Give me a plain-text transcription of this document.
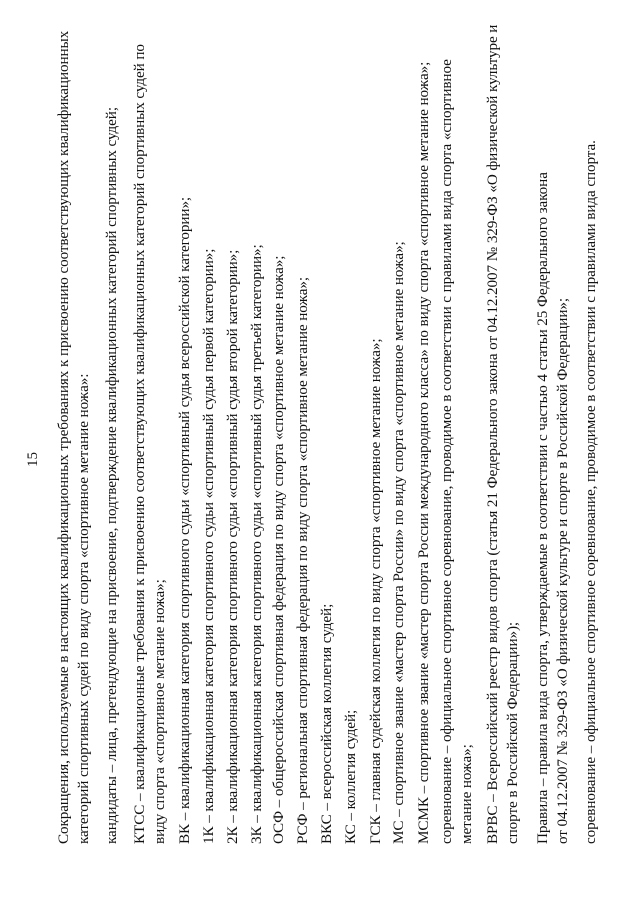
15 Сокращения, используемые в настоящих квалификационных требованиях к присвоению соответствующих квалификационных категорий спортивных судей по виду спорта «спортивное метание ножа»: кандидаты – лица, претендующие на присвоение, подтверждение квалификационных категорий спортивных судей; КТСС – квалификационные требования к присвоению соответствующих квалификационных категорий спортивных судей по виду спорта «спортивное метание ножа»; ВК – квалификационная категория спортивного судьи «спортивный судья всероссийской категории»; 1К – квалификационная категория спортивного судьи «спортивный судья первой категории»; 2К – квалификационная категория спортивного судьи «спортивный судья второй категории»; 3К – квалификационная категория спортивного судьи «спортивный судья третьей категории»; ОСФ – общероссийская спортивная федерация по виду спорта «спортивное метание ножа»; РСФ – региональная спортивная федерация по виду спорта «спортивное метание ножа»; ВКС – всероссийская коллегия судей; КС – коллегия судей; ГСК – главная судейская коллегия по виду спорта «спортивное метание ножа»; МС – спортивное звание «мастер спорта России» по виду спорта «спортивное метание ножа»; МСМК – спортивное звание «мастер спорта России международного класса» по виду спорта «спортивное метание ножа»; соревнование – официальное спортивное соревнование, проводимое в соответствии с правилами вида спорта «спортивное метание ножа»; ВРВС – Всероссийский реестр видов спорта (статья 21 Федерального закона от 04.12.2007 № 329-ФЗ «О физической культуре и спорте в Российской Федерации»); Правила – правила вида спорта, утверждаемые в соответствии с частью 4 статьи 25 Федерального закона от 04.12.2007 № 329-ФЗ «О физической культуре и спорте в Российской Федерации»; соревнование – официальное спортивное соревнование, проводимое в соответствии с правилами вида спорта.
